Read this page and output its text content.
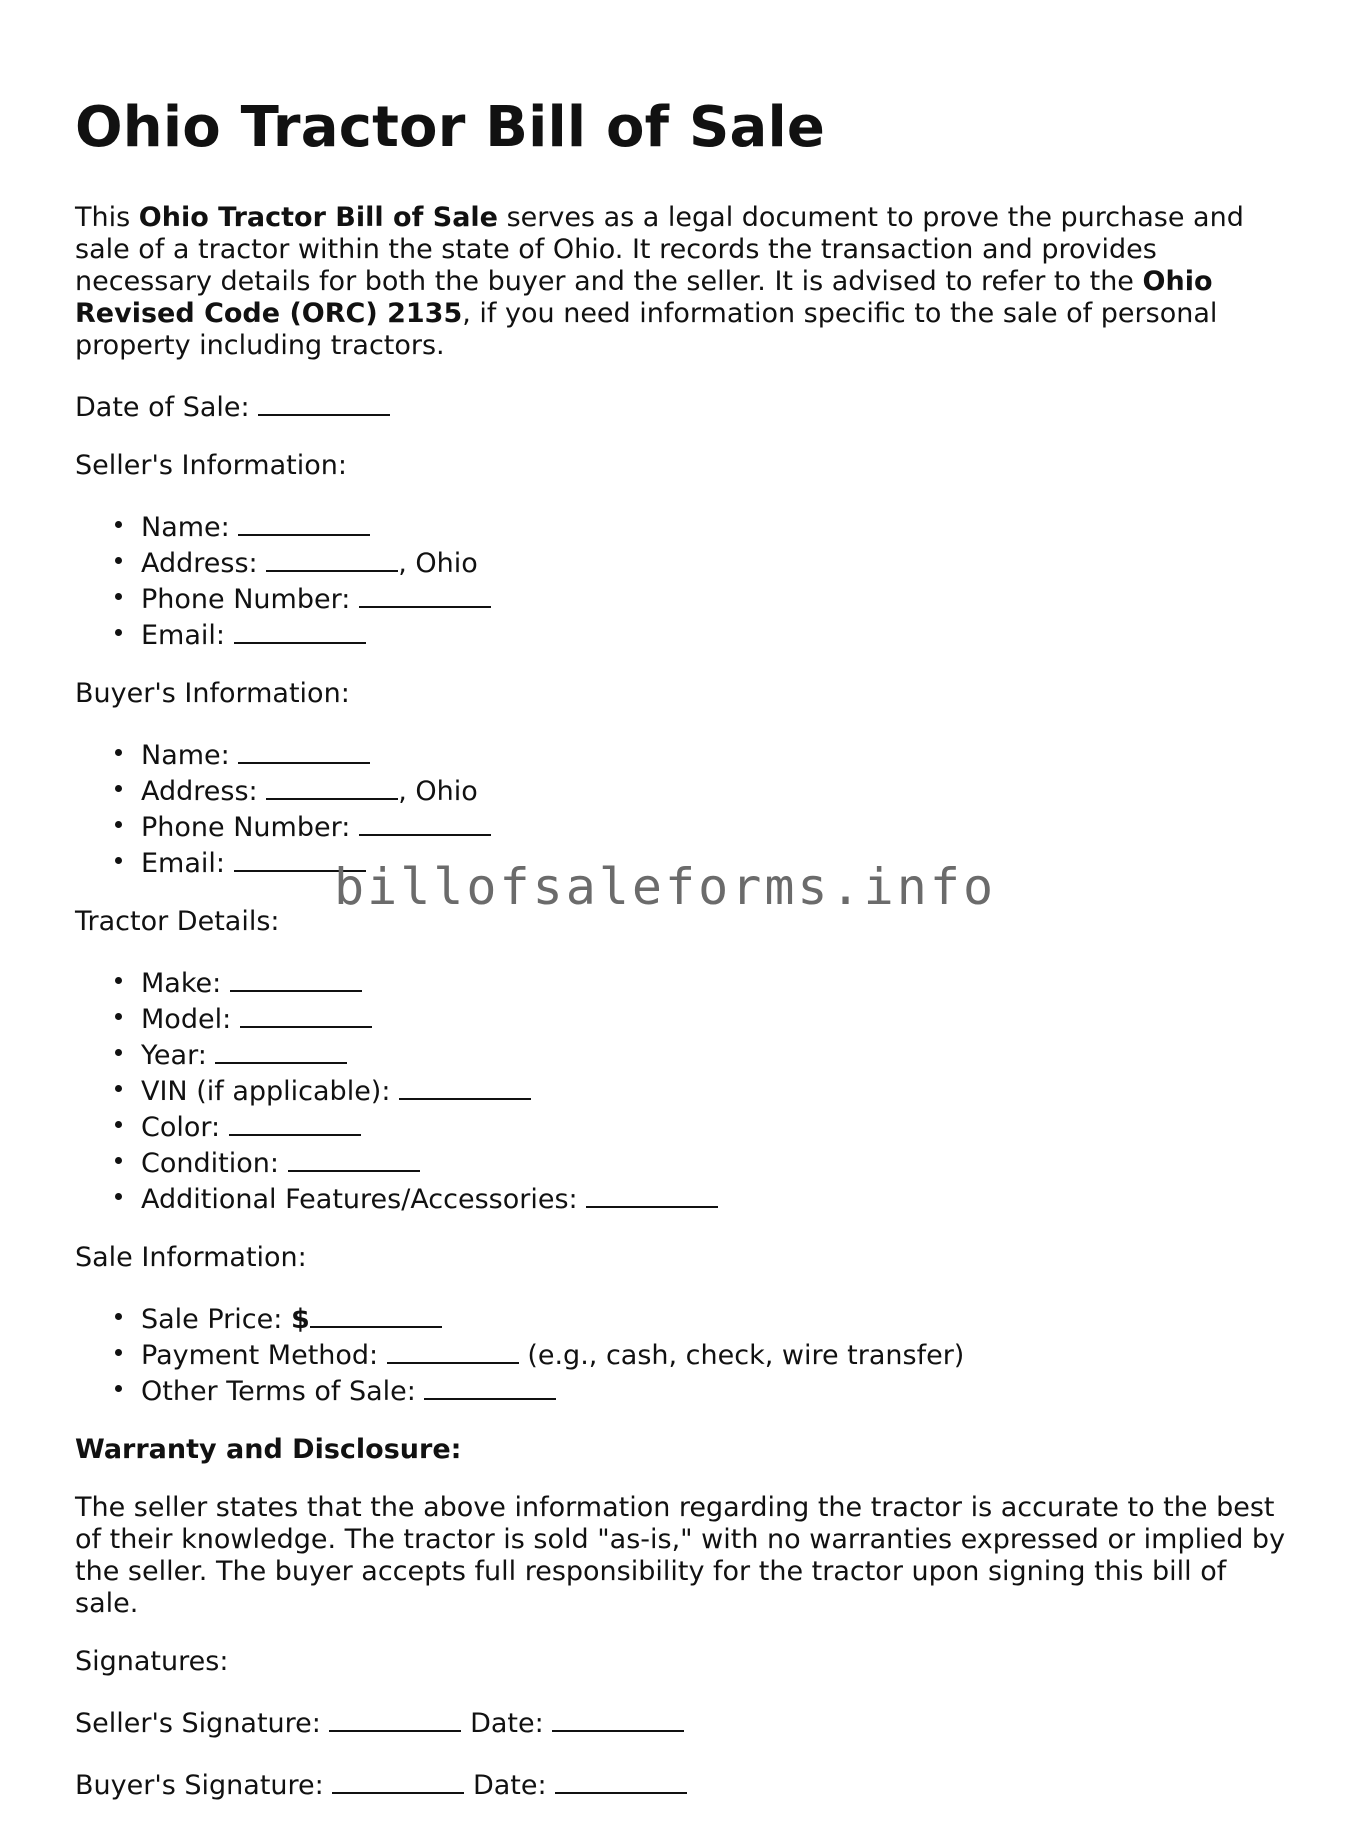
Ohio Tractor Bill of Sale

This Ohio Tractor Bill of Sale serves as a legal document to prove the purchase and sale of a tractor within the state of Ohio. It records the transaction and provides necessary details for both the buyer and the seller. It is advised to refer to the Ohio Revised Code (ORC) 2135, if you need information specific to the sale of personal property including tractors.

Date of Sale:

Seller's Information:

Name:
Address:	, Ohio
Phone Number:
Email:

Buyer's Information:

Name:
Address:	, Ohio
Phone Number:
Email:

Tractor Details:

Make:
Model:
Year:
VIN (if applicable):
Color:
Condition:
Additional Features/Accessories:

Sale Information:

Sale Price: $
Payment Method:	(e.g., cash, check, wire transfer)
Other Terms of Sale:

Warranty and Disclosure:

The seller states that the above information regarding the tractor is accurate to the best of their knowledge. The tractor is sold "as-is," with no warranties expressed or implied by the seller. The buyer accepts full responsibility for the tractor upon signing this bill of sale.

Signatures:

Seller's Signature:	Date:

Buyer's Signature:	Date:

billofsaleforms.info
